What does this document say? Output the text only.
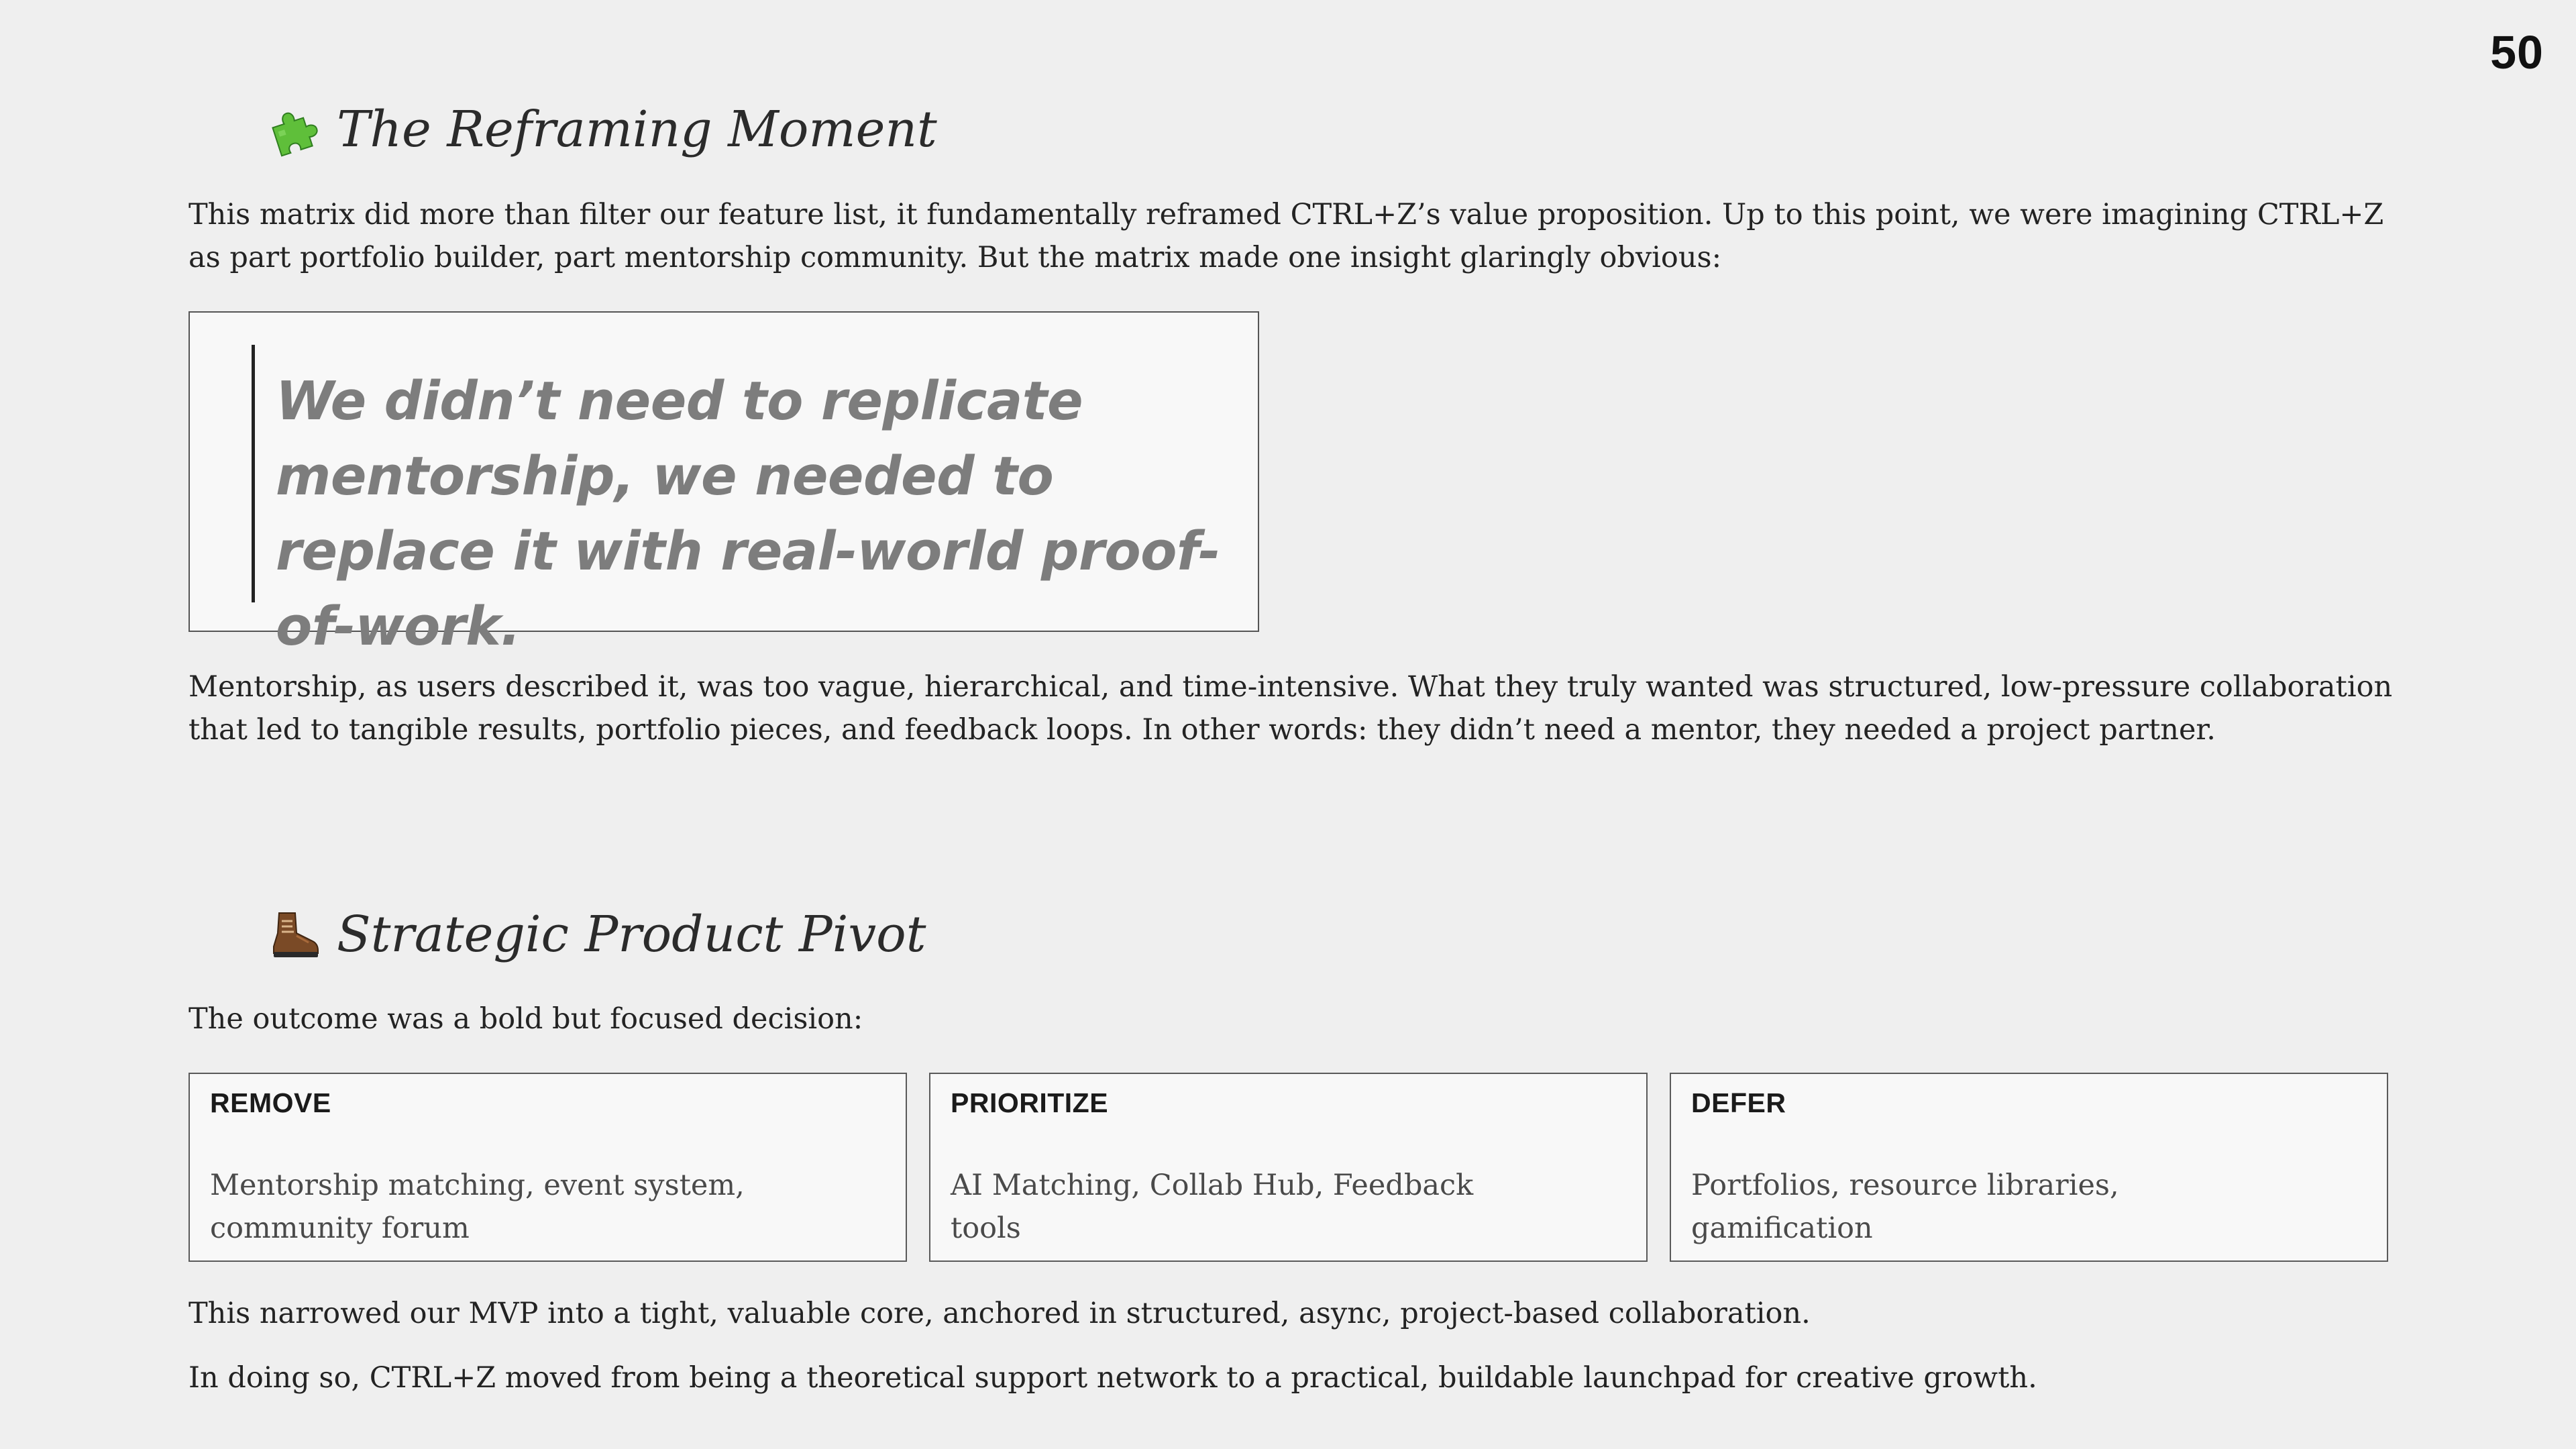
50
The Reframing Moment
This matrix did more than filter our feature list, it fundamentally reframed CTRL+Z’s value proposition. Up to this point, we were imagining CTRL+Z as part portfolio builder, part mentorship community. But the matrix made one insight glaringly obvious:
We didn’t need to replicate mentorship, we needed to replace it with real-world proof-of-work.
Mentorship, as users described it, was too vague, hierarchical, and time-intensive. What they truly wanted was structured, low-pressure collaboration that led to tangible results, portfolio pieces, and feedback loops. In other words: they didn’t need a mentor, they needed a project partner.
Strategic Product Pivot
The outcome was a bold but focused decision:
REMOVE
Mentorship matching, event system, community forum
PRIORITIZE
AI Matching, Collab Hub, Feedback tools
DEFER
Portfolios, resource libraries, gamification
This narrowed our MVP into a tight, valuable core, anchored in structured, async, project-based collaboration.
In doing so, CTRL+Z moved from being a theoretical support network to a practical, buildable launchpad for creative growth.
